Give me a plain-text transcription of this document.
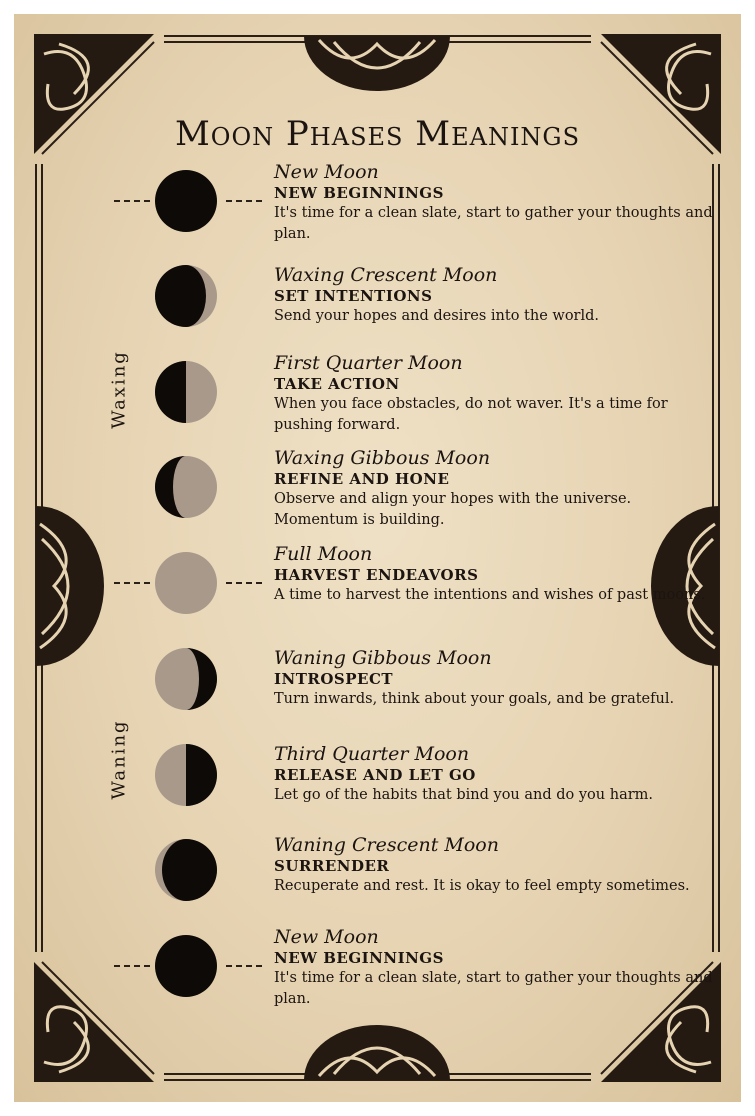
Moon Phases Meanings
Waxing
Waning
New Moon
NEW BEGINNINGS
It's time for a clean slate, start to gather your thoughts and plan.
Waxing Crescent Moon
SET INTENTIONS
Send your hopes and desires into the world.
First Quarter Moon
TAKE ACTION
When you face obstacles, do not waver. It's a time for pushing forward.
Waxing Gibbous Moon
REFINE AND HONE
Observe and align your hopes with the universe. Momentum is building.
Full Moon
HARVEST ENDEAVORS
A time to harvest the intentions and wishes of past moons.
Waning Gibbous Moon
INTROSPECT
Turn inwards, think about your goals, and be grateful.
Third Quarter Moon
RELEASE AND LET GO
Let go of the habits that bind you and do you harm.
Waning Crescent Moon
SURRENDER
Recuperate and rest. It is okay to feel empty sometimes.
New Moon
NEW BEGINNINGS
It's time for a clean slate, start to gather your thoughts and plan.
